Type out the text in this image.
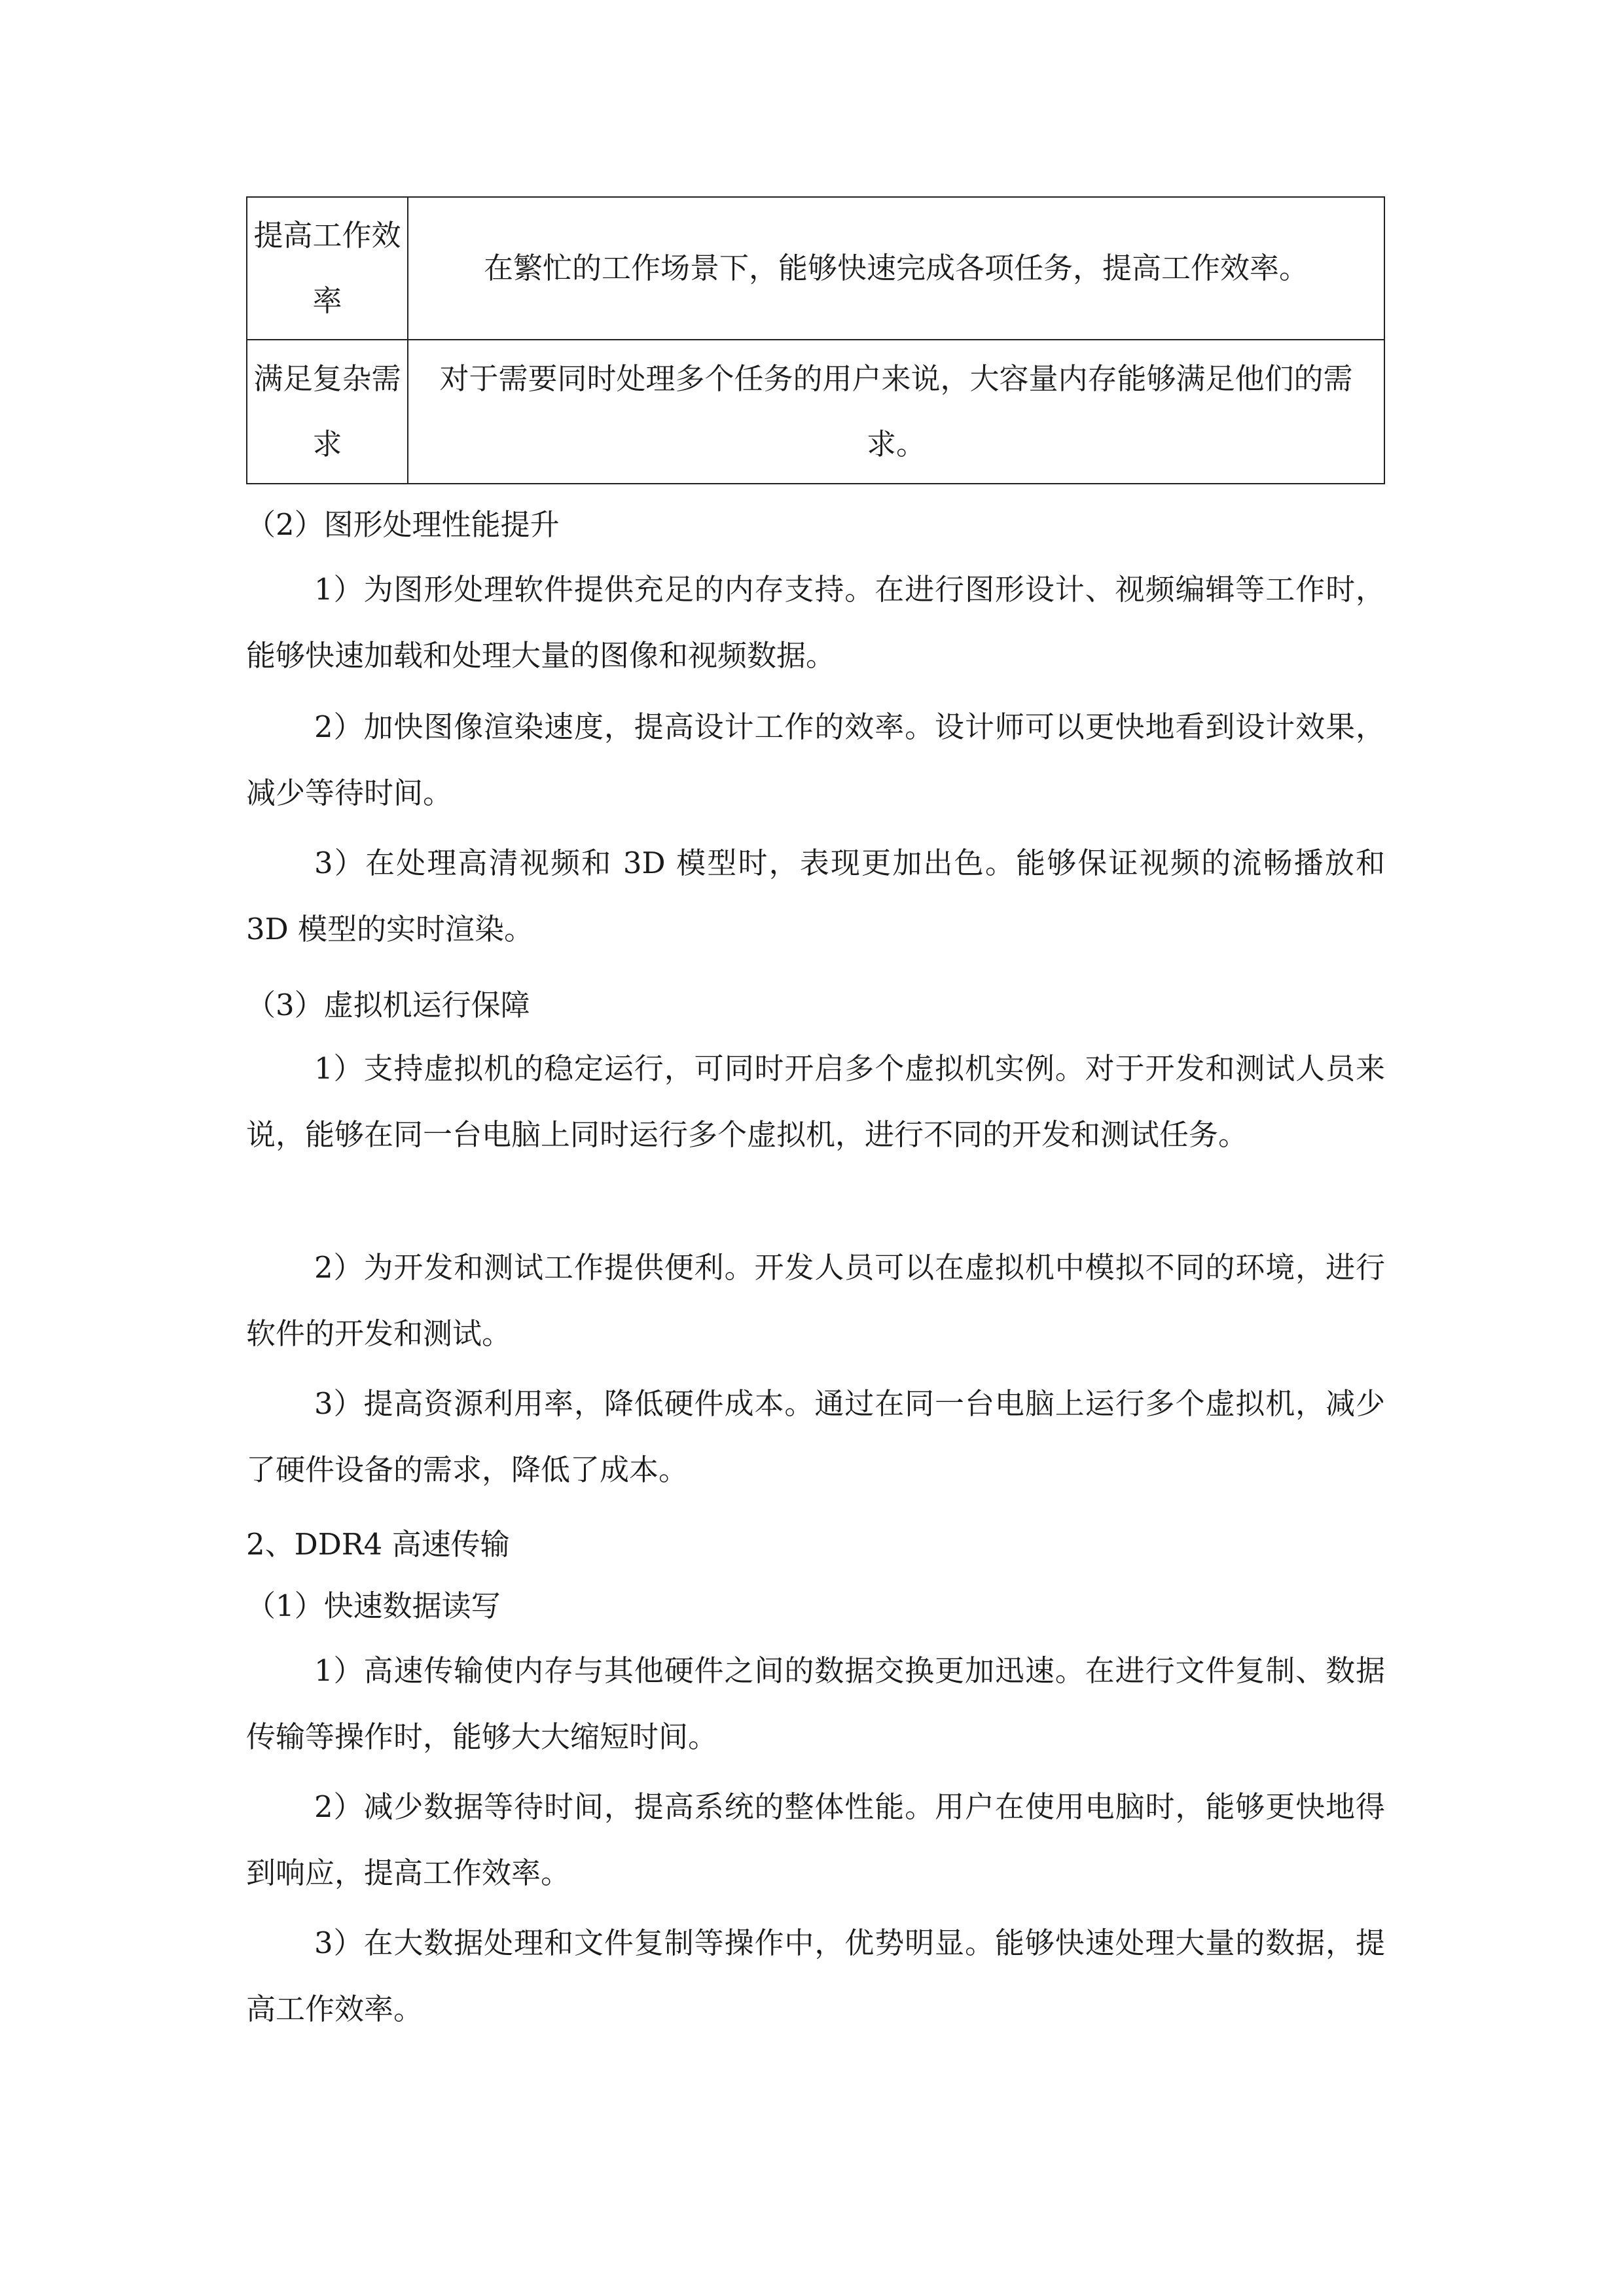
提高工作效率	在繁忙的工作场景下，能够快速完成各项任务，提高工作效率。
满足复杂需求	对于需要同时处理多个任务的用户来说，大容量内存能够满足他们的需求。
（2）图形处理性能提升
1）为图形处理软件提供充足的内存支持。在进行图形设计、视频编辑等工作时，能够快速加载和处理大量的图像和视频数据。
2）加快图像渲染速度，提高设计工作的效率。设计师可以更快地看到设计效果，减少等待时间。
3）在处理高清视频和 3D 模型时，表现更加出色。能够保证视频的流畅播放和 3D 模型的实时渲染。
（3）虚拟机运行保障
1）支持虚拟机的稳定运行，可同时开启多个虚拟机实例。对于开发和测试人员来说，能够在同一台电脑上同时运行多个虚拟机，进行不同的开发和测试任务。
2）为开发和测试工作提供便利。开发人员可以在虚拟机中模拟不同的环境，进行软件的开发和测试。
3）提高资源利用率，降低硬件成本。通过在同一台电脑上运行多个虚拟机，减少了硬件设备的需求，降低了成本。
2、DDR4 高速传输
（1）快速数据读写
1）高速传输使内存与其他硬件之间的数据交换更加迅速。在进行文件复制、数据传输等操作时，能够大大缩短时间。
2）减少数据等待时间，提高系统的整体性能。用户在使用电脑时，能够更快地得到响应，提高工作效率。
3）在大数据处理和文件复制等操作中，优势明显。能够快速处理大量的数据，提高工作效率。
